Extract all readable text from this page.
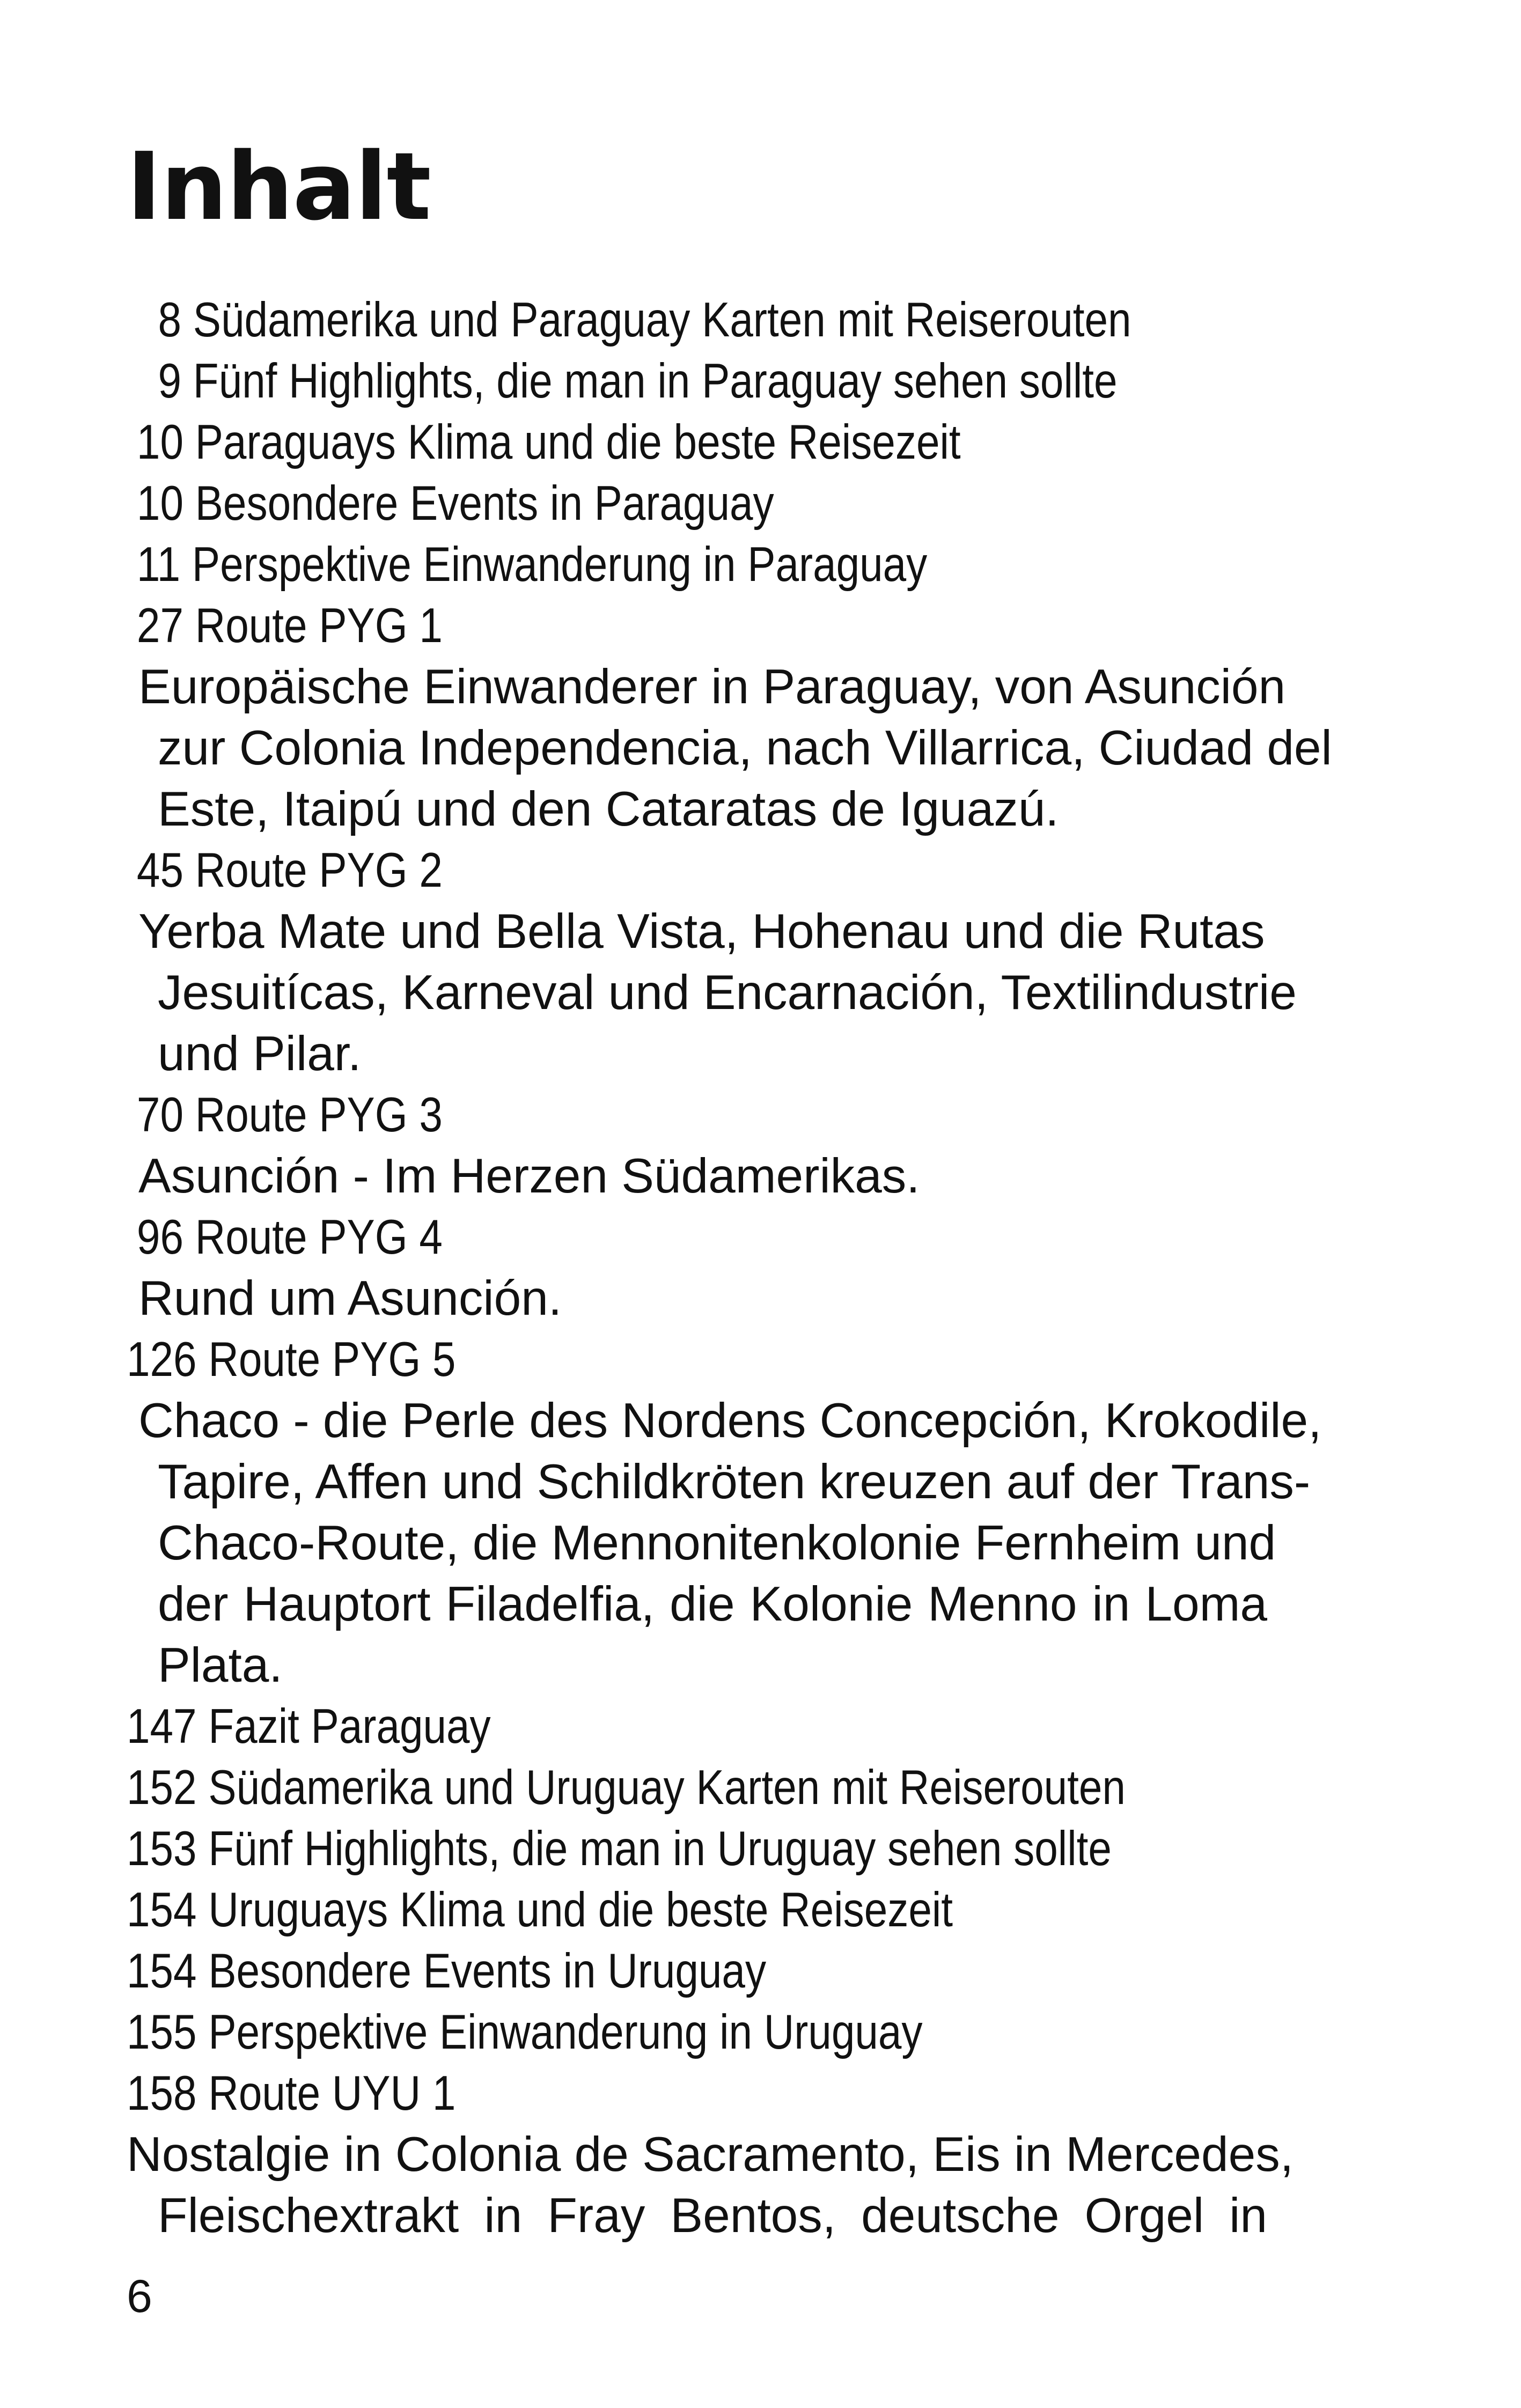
Inhalt
8 Südamerika und Paraguay Karten mit Reiserouten
9 Fünf Highlights, die man in Paraguay sehen sollte
10 Paraguays Klima und die beste Reisezeit
10 Besondere Events in Paraguay
11 Perspektive Einwanderung in Paraguay
27 Route PYG 1
Europäische Einwanderer in Paraguay, von Asunción
zur Colonia Independencia, nach Villarrica, Ciudad del
Este, Itaipú und den Cataratas de Iguazú.
45 Route PYG 2
Yerba Mate und Bella Vista, Hohenau und die Rutas
Jesuitícas, Karneval und Encarnación, Textilindustrie
und Pilar.
70 Route PYG 3
Asunción - Im Herzen Südamerikas.
96 Route PYG 4
Rund um Asunción.
126 Route PYG 5
Chaco - die Perle des Nordens Concepción, Krokodile,
Tapire, Affen und Schildkröten kreuzen auf der Trans-
Chaco-Route, die Mennonitenkolonie Fernheim und
der Hauptort Filadelfia, die Kolonie Menno in Loma
Plata.
147 Fazit Paraguay
152 Südamerika und Uruguay Karten mit Reiserouten
153 Fünf Highlights, die man in Uruguay sehen sollte
154 Uruguays Klima und die beste Reisezeit
154 Besondere Events in Uruguay
155 Perspektive Einwanderung in Uruguay
158 Route UYU 1
Nostalgie in Colonia de Sacramento, Eis in Mercedes,
Fleischextrakt in Fray Bentos, deutsche Orgel in
6
